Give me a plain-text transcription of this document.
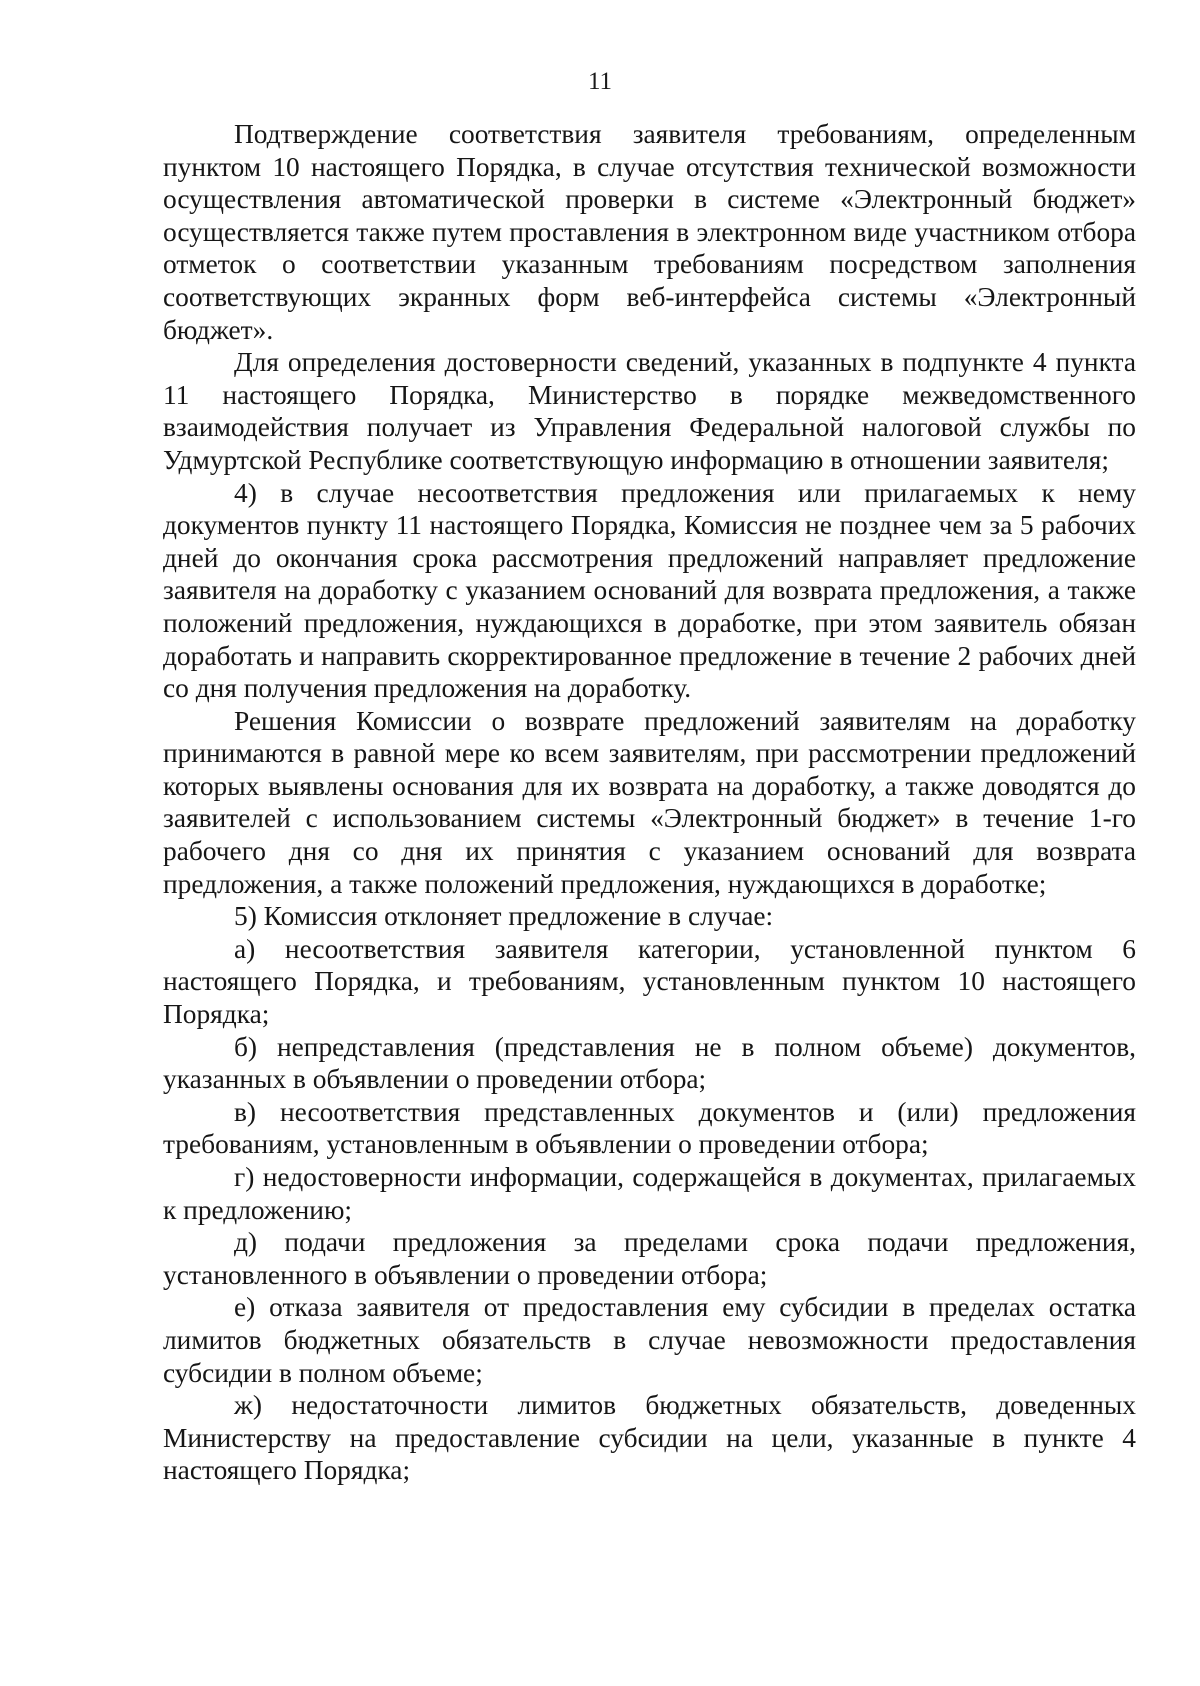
11

Подтверждение соответствия заявителя требованиям, определенным пунктом 10 настоящего Порядка, в случае отсутствия технической возможности осуществления автоматической проверки в системе «Электронный бюджет» осуществляется также путем проставления в электронном виде участником отбора отметок о соответствии указанным требованиям посредством заполнения соответствующих экранных форм веб-интерфейса системы «Электронный бюджет».

Для определения достоверности сведений, указанных в подпункте 4 пункта 11 настоящего Порядка, Министерство в порядке межведомственного взаимодействия получает из Управления Федеральной налоговой службы по Удмуртской Республике соответствующую информацию в отношении заявителя;

4) в случае несоответствия предложения или прилагаемых к нему документов пункту 11 настоящего Порядка, Комиссия не позднее чем за 5 рабочих дней до окончания срока рассмотрения предложений направляет предложение заявителя на доработку с указанием оснований для возврата предложения, а также положений предложения, нуждающихся в доработке, при этом заявитель обязан доработать и направить скорректированное предложение в течение 2 рабочих дней со дня получения предложения на доработку.

Решения Комиссии о возврате предложений заявителям на доработку принимаются в равной мере ко всем заявителям, при рассмотрении предложений которых выявлены основания для их возврата на доработку, а также доводятся до заявителей с использованием системы «Электронный бюджет» в течение 1-го рабочего дня со дня их принятия с указанием оснований для возврата предложения, а также положений предложения, нуждающихся в доработке;

5) Комиссия отклоняет предложение в случае:

а) несоответствия заявителя категории, установленной пунктом 6 настоящего Порядка, и требованиям, установленным пунктом 10 настоящего Порядка;

б) непредставления (представления не в полном объеме) документов, указанных в объявлении о проведении отбора;

в) несоответствия представленных документов и (или) предложения требованиям, установленным в объявлении о проведении отбора;

г) недостоверности информации, содержащейся в документах, прилагаемых к предложению;

д) подачи предложения за пределами срока подачи предложения, установленного в объявлении о проведении отбора;

е) отказа заявителя от предоставления ему субсидии в пределах остатка лимитов бюджетных обязательств в случае невозможности предоставления субсидии в полном объеме;

ж) недостаточности лимитов бюджетных обязательств, доведенных Министерству на предоставление субсидии на цели, указанные в пункте 4 настоящего Порядка;
